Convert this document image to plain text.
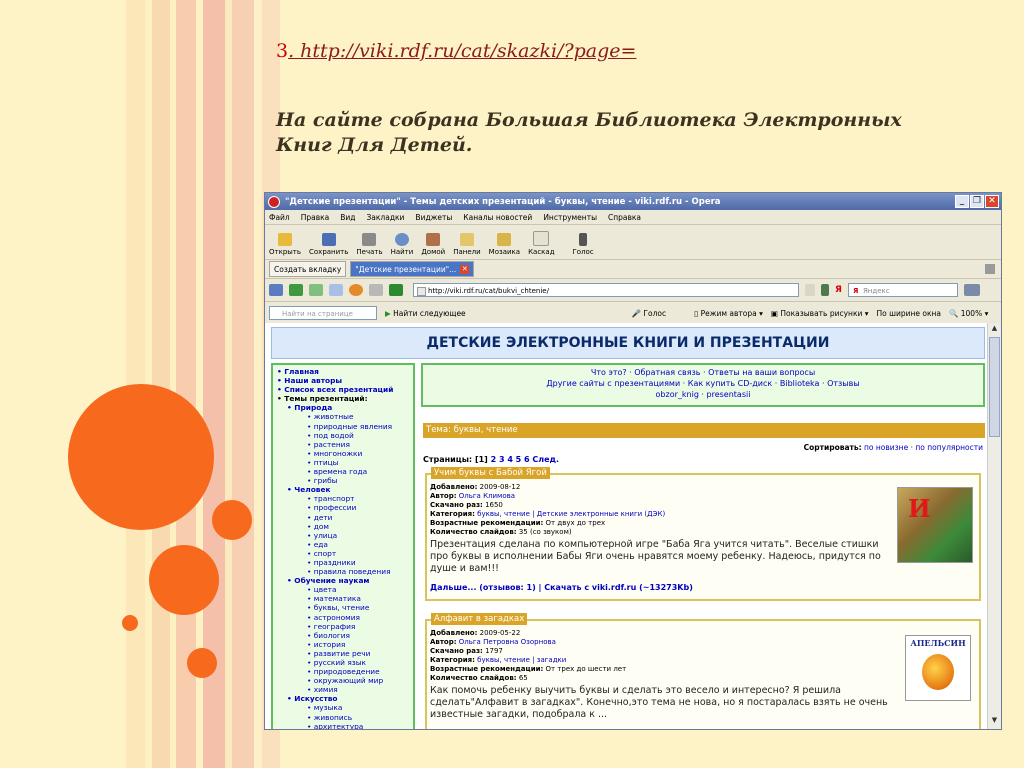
3. http://viki.rdf.ru/cat/skazki/?page=
На сайте собрана Большая Библиотека Электронных Книг Для Детей.
"Детские презентации" - Темы детских презентаций - буквы, чтение - viki.rdf.ru - Opera	_ ❐ ✕
Файл Правка Вид Закладки Виджеты Каналы новостей Инструменты Справка
Открыть Сохранить Печать Найти Домой Панели Мозаика Каскад	Голос
Создать вкладку "Детские презентации"... ✕
http://viki.rdf.ru/cat/bukvi_chtenie/	Я
Я	Яндекс
Найти на странице	▶ Найти следующее	🎤 Голос	▯ Режим автора ▾ ▣ Показывать рисунки ▾ По ширине окна 🔍 100% ▾
ДЕТСКИЕ ЭЛЕКТРОННЫЕ КНИГИ И ПРЕЗЕНТАЦИИ
• Главная
• Наши авторы
• Список всех презентаций
• Темы презентаций:
• Природа
• животные
• природные явления
• под водой
• растения
• многоножки
• птицы
• времена года
• грибы
• Человек
• транспорт
• профессии
• дети
• дом
• улица
• еда
• спорт
• праздники
• правила поведения
• Обучение наукам
• цвета
• математика
• буквы, чтение
• астрономия
• география
• биология
• история
• развитие речи
• русский язык
• природоведение
• окружающий мир
• химия
• Искусство
• музыка
• живопись
• архитектура
Что это? · Обратная связь · Ответы на ваши вопросы
Другие сайты с презентациями · Как купить CD-диск · Biblioteka · Отзывы
obzor_knig · presentasii
Тема: буквы, чтение
Сортировать: по новизне · по популярности
Страницы: [1] 2 3 4 5 6 След.
Учим буквы с Бабой Ягой
Добавлено: 2009-08-12
Автор: Ольга Климова
Скачано раз: 1650
Категория: буквы, чтение | Детские электронные книги (ДЭК)
Возрастные рекомендации: От двух до трех
Количество слайдов: 35 (со звуком)
Презентация сделана по компьютерной игре "Баба Яга учится читать". Веселые стишки про буквы в исполнении Бабы Яги очень нравятся моему ребенку. Надеюсь, придутся по душе и вам!!!
Дальше... (отзывов: 1) | Скачать с viki.rdf.ru (~13273Kb)
И
Алфавит в загадках
Добавлено: 2009-05-22
Автор: Ольга Петровна Озорнова
Скачано раз: 1797
Категория: буквы, чтение | загадки
Возрастные рекомендации: От трех до шести лет
Количество слайдов: 65
Как помочь ребенку выучить буквы и сделать это весело и интересно? Я решила сделать"Алфавит в загадках". Конечно,это тема не нова, но я постаралась взять не очень известные загадки, подобрала к ...
АПЕЛЬСИН
▲
▼
